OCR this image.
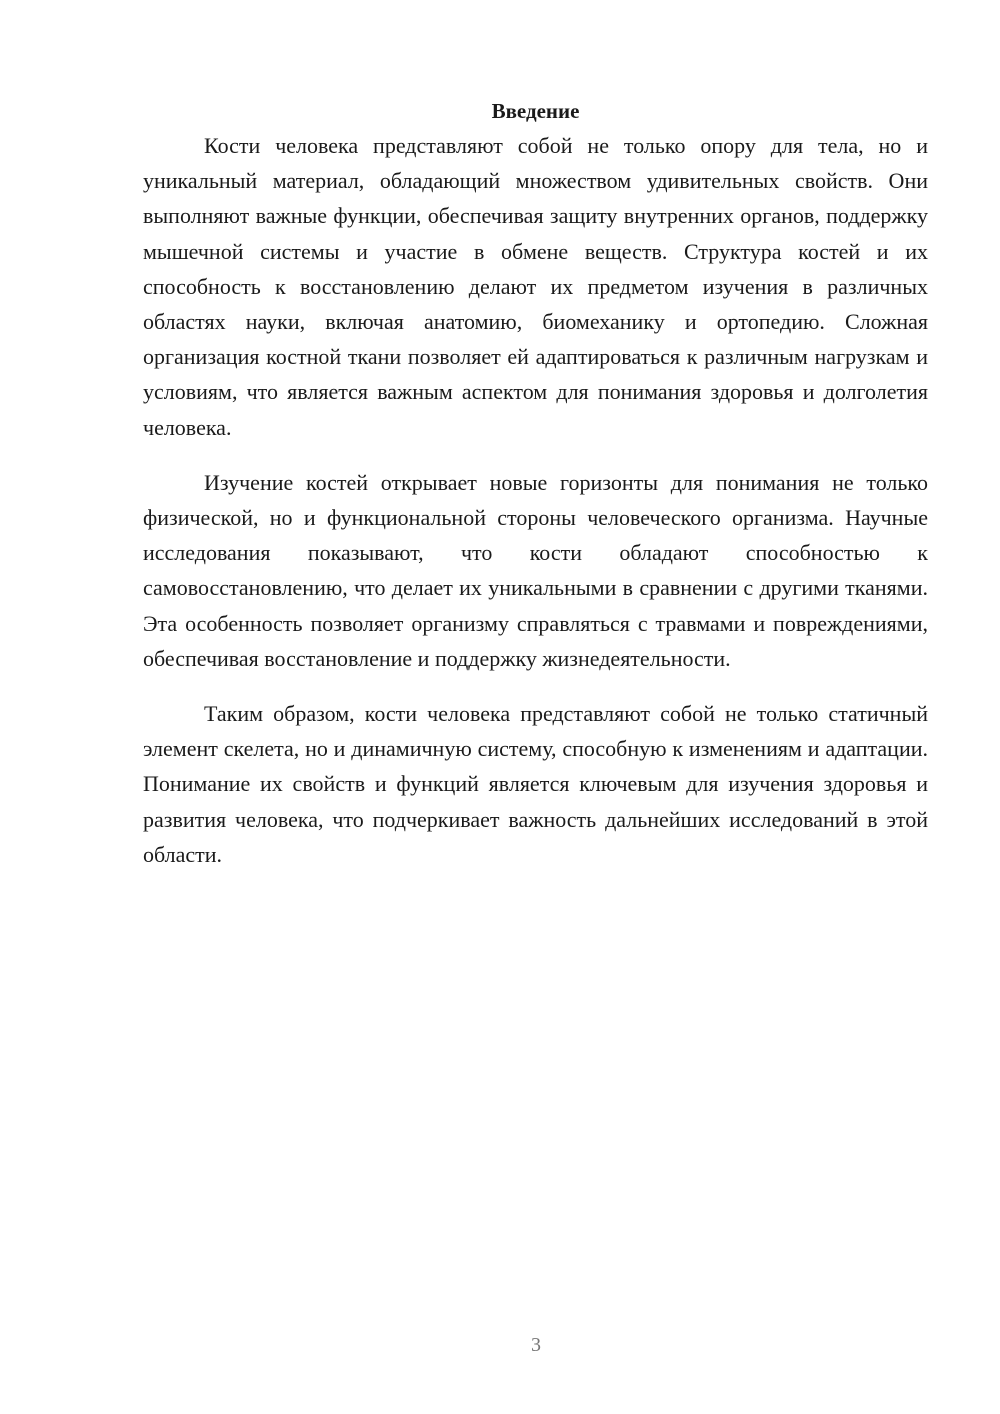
Введение

Кости человека представляют собой не только опору для тела, но и уникальный материал, обладающий множеством удивительных свойств. Они выполняют важные функции, обеспечивая защиту внутренних органов, поддержку мышечной системы и участие в обмене веществ. Структура костей и их способность к восстановлению делают их предметом изучения в различных областях науки, включая анатомию, биомеханику и ортопедию. Сложная организация костной ткани позволяет ей адаптироваться к различным нагрузкам и условиям, что является важным аспектом для понимания здоровья и долголетия человека.

Изучение костей открывает новые горизонты для понимания не только физической, но и функциональной стороны человеческого организма. Научные исследования показывают, что кости обладают способностью к самовосстановлению, что делает их уникальными в сравнении с другими тканями. Эта особенность позволяет организму справляться с травмами и повреждениями, обеспечивая восстановление и поддержку жизнедеятельности.

Таким образом, кости человека представляют собой не только статичный элемент скелета, но и динамичную систему, способную к изменениям и адаптации. Понимание их свойств и функций является ключевым для изучения здоровья и развития человека, что подчеркивает важность дальнейших исследований в этой области.

3
